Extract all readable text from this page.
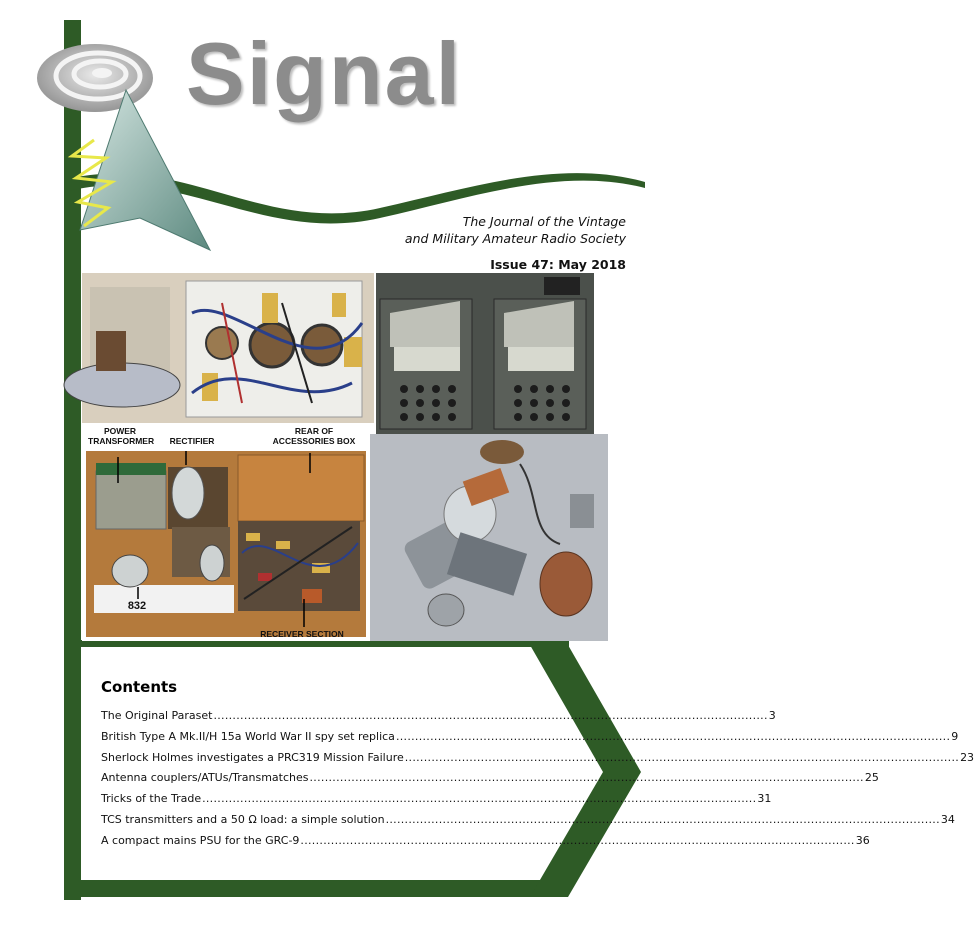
Signal
The Journal of the Vintage
and Military Amateur Radio Society
Issue 47: May 2018
POWER TRANSFORMER	RECTIFIER
REAR OF ACCESSORIES BOX
832
RECEIVER SECTION
Contents
The Original Paraset .................................................................................................................................................. 3
British Type A Mk.II/H 15a World War II spy set replica .................................................................................................................................................. 9
Sherlock Holmes investigates a PRC319 Mission Failure .................................................................................................................................................. 23
Antenna couplers/ATUs/Transmatches .................................................................................................................................................. 25
Tricks of the Trade .................................................................................................................................................. 31
TCS transmitters and a 50 Ω load: a simple solution .................................................................................................................................................. 34
A compact mains PSU for the GRC-9 .................................................................................................................................................. 36
